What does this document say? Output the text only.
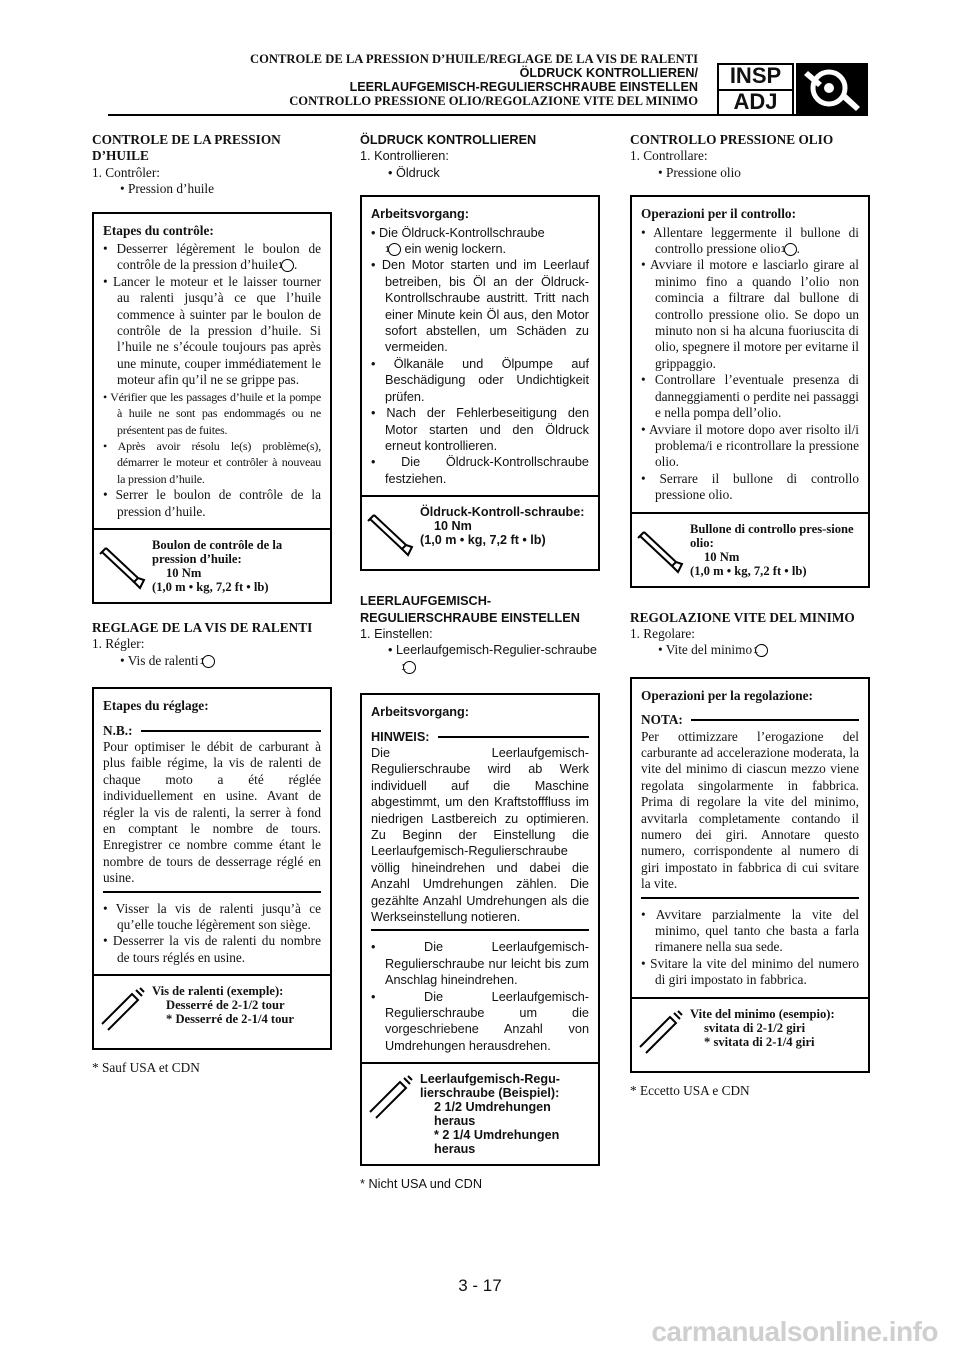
CONTROLE DE LA PRESSION D’HUILE/REGLAGE DE LA VIS DE RALENTI
ÖLDRUCK KONTROLLIEREN/
LEERLAUFGEMISCH-REGULIERSCHRAUBE EINSTELLEN
CONTROLLO PRESSIONE OLIO/REGOLAZIONE VITE DEL MINIMO
INSP
ADJ

CONTROLE DE LA PRESSION D’HUILE

1. Contrôler:

• Pression d’huile

Etapes du contrôle:

• Desserrer légèrement le boulon de contrôle de la pression d’huile1 .

• Lancer le moteur et le laisser tourner au ralenti jusqu’à ce que l’huile commence à suinter par le boulon de contrôle de la pression d’huile. Si l’huile ne s’écoule toujours pas après une minute, couper immédiatement le moteur afin qu’il ne se grippe pas.

• Vérifier que les passages d’huile et la pompe à huile ne sont pas endommagés ou ne présentent pas de fuites.

• Après avoir résolu le(s) problème(s), démarrer le moteur et contrôler à nouveau la pression d’huile.

• Serrer le boulon de contrôle de la pression d’huile.

Boulon de contrôle de la pression d’huile:
10 Nm
(1,0 m • kg, 7,2 ft • lb)

REGLAGE DE LA VIS DE RALENTI

1. Régler:

• Vis de ralenti1

Etapes du réglage:

N.B.:

Pour optimiser le débit de carburant à plus faible régime, la vis de ralenti de chaque moto a été réglée individuellement en usine. Avant de régler la vis de ralenti, la serrer à fond en comptant le nombre de tours. Enregistrer ce nombre comme étant le nombre de tours de desserrage réglé en usine.

• Visser la vis de ralenti jusqu’à ce qu’elle touche légèrement son siège.

• Desserrer la vis de ralenti du nombre de tours réglés en usine.

Vis de ralenti (exemple):
Desserré de 2-1/2 tour
* Desserré de 2-1/4 tour

* Sauf USA et CDN

ÖLDRUCK KONTROLLIEREN

1. Kontrollieren:

• Öldruck

Arbeitsvorgang:

• Die Öldruck-Kontrollschraube
1 ein wenig lockern.

• Den Motor starten und im Leerlauf betreiben, bis Öl an der Öldruck-Kontrollschraube austritt. Tritt nach einer Minute kein Öl aus, den Motor sofort abstellen, um Schäden zu vermeiden.

• Ölkanäle und Ölpumpe auf Beschädigung oder Undichtigkeit prüfen.

• Nach der Fehlerbeseitigung den Motor starten und den Öldruck erneut kontrollieren.

• Die Öldruck-Kontrollschraube festziehen.

Öldruck-Kontroll-schraube:
10 Nm
(1,0 m • kg, 7,2 ft • lb)

LEERLAUFGEMISCH-REGULIERSCHRAUBE EINSTELLEN

1. Einstellen:

• Leerlaufgemisch-Regulier-schraube1

Arbeitsvorgang:

HINWEIS:

Die Leerlaufgemisch-Regulierschraube wird ab Werk individuell auf die Maschine abgestimmt, um den Kraftstofffluss im niedrigen Lastbereich zu optimieren. Zu Beginn der Einstellung die Leerlaufgemisch-Regulierschraube völlig hineindrehen und dabei die Anzahl Umdrehungen zählen. Die gezählte Anzahl Umdrehungen als die Werkseinstellung notieren.

• Die Leerlaufgemisch-Regulierschraube nur leicht bis zum Anschlag hineindrehen.

• Die Leerlaufgemisch-Regulierschraube um die vorgeschriebene Anzahl von Umdrehungen herausdrehen.

Leerlaufgemisch-Regu-lierschraube (Beispiel):
2 1/2 Umdrehungen heraus
* 2 1/4 Umdrehungen heraus

* Nicht USA und CDN

CONTROLLO PRESSIONE OLIO

1. Controllare:

• Pressione olio

Operazioni per il controllo:

• Allentare leggermente il bullone di controllo pressione olio1 .

• Avviare il motore e lasciarlo girare al minimo fino a quando l’olio non comincia a filtrare dal bullone di controllo pressione olio. Se dopo un minuto non si ha alcuna fuoriuscita di olio, spegnere il motore per evitarne il grippaggio.

• Controllare l’eventuale presenza di danneggiamenti o perdite nei passaggi e nella pompa dell’olio.

• Avviare il motore dopo aver risolto il/i problema/i e ricontrollare la pressione olio.

• Serrare il bullone di controllo pressione olio.

Bullone di controllo pres-sione olio:
10 Nm
(1,0 m • kg, 7,2 ft • lb)

REGOLAZIONE VITE DEL MINIMO

1. Regolare:

• Vite del minimo1

Operazioni per la regolazione:

NOTA:

Per ottimizzare l’erogazione del carburante ad accelerazione moderata, la vite del minimo di ciascun mezzo viene regolata singolarmente in fabbrica. Prima di regolare la vite del minimo, avvitarla completamente contando il numero dei giri. Annotare questo numero, corrispondente al numero di giri impostato in fabbrica di cui svitare la vite.

• Avvitare parzialmente la vite del minimo, quel tanto che basta a farla rimanere nella sua sede.

• Svitare la vite del minimo del numero di giri impostato in fabbrica.

Vite del minimo (esempio):
svitata di 2-1/2 giri
* svitata di 2-1/4 giri

* Eccetto USA e CDN

3 - 17
carmanualsonline.info
